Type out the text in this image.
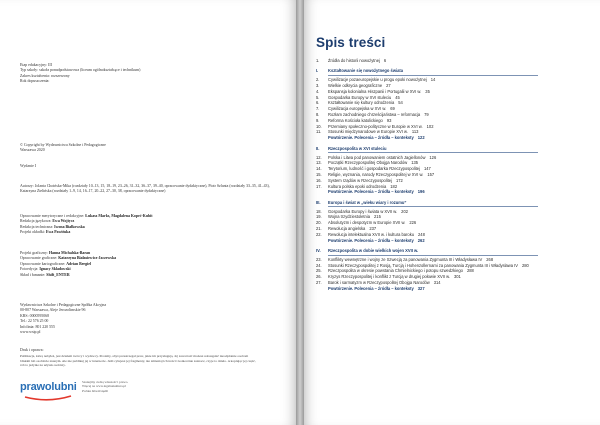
Etap edukacyjny: III

Typ szkoły: szkoła ponadpodstawowa (liceum ogólnokształcące i technikum)

Zakres kształcenia: rozszerzony

Rok dopuszczenia:

© Copyright by Wydawnictwa Szkolne i Pedagogiczne

Warszawa 2020

Wydanie I

Autorzy: Jolanta Choińska-Mika (rozdziały 10–13, 15, 18–19, 23–26, 31–32, 36–37, 39–40, opracowanie dydaktyczne), Piotr Szlanta (rozdziały 33–35, 41–43), Katarzyna Zielińska (rozdziały 1–9, 14, 16–17, 20–22, 27–30, 38, opracowanie dydaktyczne)

Opracowanie merytoryczne i redakcyjne: Łukasz Marks, Magdalena Kopeć-Kubit

Redakcja językowa: Ewa Wojtycz

Redakcja techniczna: Iwona Białkowska

Projekt okładki: Ewa Pawińska

Projekt graficzny: Hanna Michalska-Baran

Opracowanie graficzne: Katarzyna Białasiewicz-Jaczewska

Opracowanie kartograficzne: Adrian Bergiel

Fotoedycja: Ignacy Skladowski

Skład i łamanie: Shift_ENTER

Wydawnictwa Szkolne i Pedagogiczne Spółka Akcyjna

00-807 Warszawa, Aleje Jerozolimskie 96

KRS: 0000595068

Tel.: 22 576 25 00

Infolinia: 801 220 555

www.wsip.pl

Druk i oprawa:

Publikacja, którą nabyłeś, jest dziełem twórcy i wydawcy. Prosimy, abyś przestrzegał praw, jakie im przysługują. Jej zawartość możesz udostępnić nieodpłatnie osobom bliskim lub osobiście znanym. Ale nie publikuj jej w internecie. Jeśli cytujesz jej fragmenty, nie zmieniaj ich treści i koniecznie zaznacz, czyje to dzieło. A kopiując jej część, rób to jedynie na użytek osobisty.

prawolubni Szanujmy cudzą własność i prawo.

Więcej na www.legalnakultura.pl

Polska Izba Książki

Spis treści
1.	Źródła do historii nowożytnej 6
I.	Kształtowanie się nowożytnego świata
2.	Cywilizacje pozaeuropejskie u progu epoki nowożytnej 14
3.	Wielkie odkrycia geograficzne 27
4.	Ekspansja kolonialna Hiszpanii i Portugalii w XVI w. 35
5.	Gospodarka Europy w XVI stuleciu 45
6.	Kształtowanie się kultury odrodzenia 54
7.	Cywilizacja europejska w XVI w. 69
8.	Rozłam zachodniego chrześcijaństwa – reformacja 79
9.	Reforma Kościoła katolickiego 93
10.	Przemiany społeczno-polityczne w Europie w XVI w. 102
11.	Stosunki międzynarodowe w Europie XVI w. 113
Powtórzenie. Polecenia – źródła – konteksty 122
II.	Rzeczpospolita w XVI stuleciu
12.	Polska i Litwa pod panowaniem ostatnich Jagiellonów 126
13.	Początki Rzeczypospolitej Obojga Narodów 135
14.	Terytorium, ludność i gospodarka Rzeczypospolitej 147
15.	Religie, wyznania, narody Rzeczypospolitej w XVI w. 157
16.	System rządów w Rzeczypospolitej 172
17.	Kultura polska epoki odrodzenia 182
Powtórzenie. Polecenia – źródła – konteksty 196
III.	Europa i świat w „wieku wiary i rozumu”
18.	Gospodarka Europy i świata w XVII w. 202
19.	Wojna trzydziestoletnia 215
20.	Absolutyzm i despotyzm w Europie XVII w. 226
21.	Rewolucja angielska 237
22.	Rewolucja intelektualna XVII w. i kultura baroku 248
Powtórzenie. Polecenia – źródła – konteksty 262
IV.	Rzeczpospolita w dobie wielkich wojen XVII w.
23.	Konflikty wewnętrzne i wojny ze Szwecją za panowania Zygmunta III i Władysława IV 268
24.	Stosunki Rzeczypospolitej z Rosją, Turcją i Hohenzollernami za panowania Zygmunta III i Władysława IV 280
25.	Rzeczpospolita w okresie powstania Chmielnickiego i potopu szwedzkiego 288
26.	Kryzys Rzeczypospolitej i konflikt z Turcją w drugiej połowie XVII w. 301
27.	Barok i sarmatyzm w Rzeczypospolitej Obojga Narodów 314
Powtórzenie. Polecenia – źródła – konteksty 327
